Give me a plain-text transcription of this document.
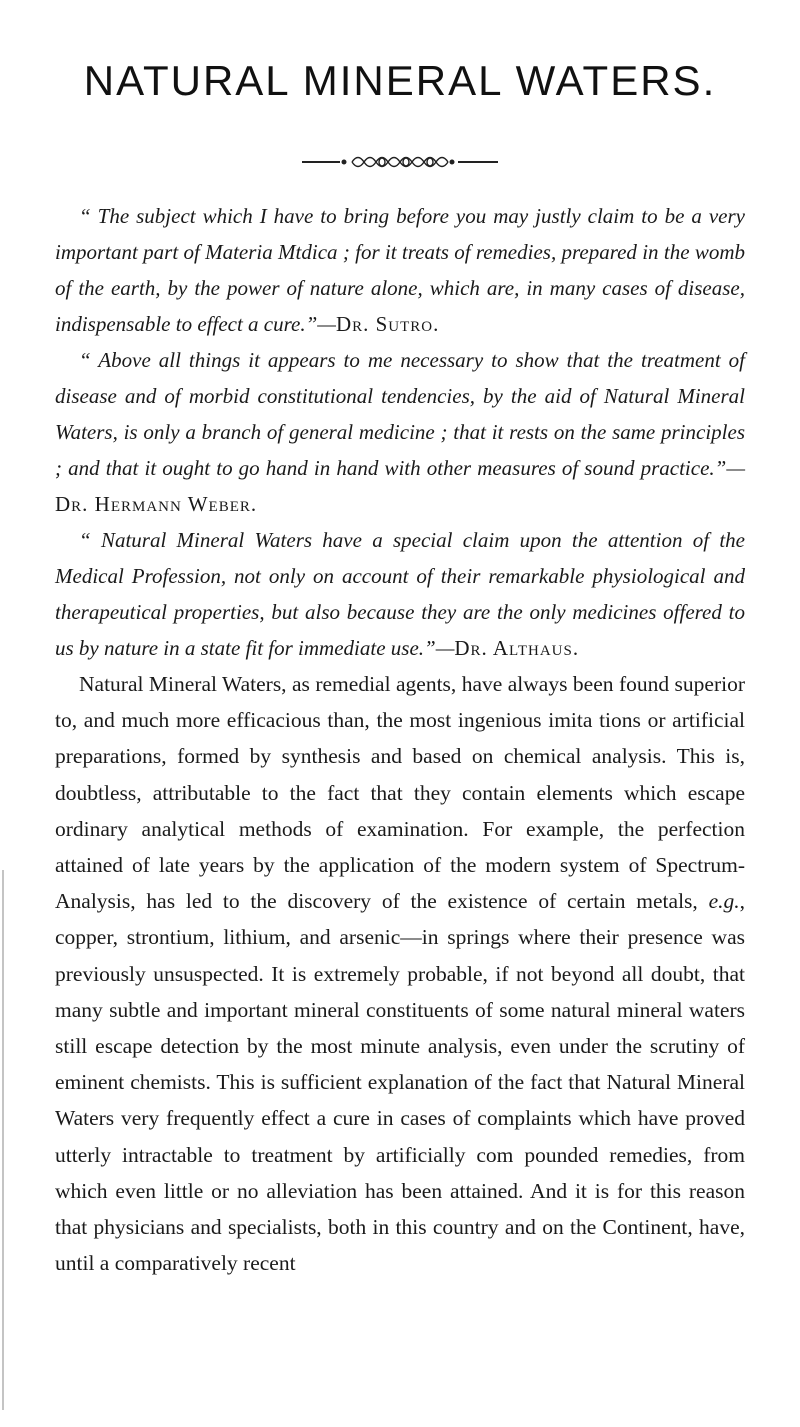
NATURAL MINERAL WATERS.

“ The subject which I have to bring before you may justly claim to be a very important part of Materia Mtdica ; for it treats of remedies, prepared in the womb of the earth, by the power of nature alone, which are, in many cases of disease, indispensable to effect a cure.”—Dr. Sutro.

“ Above all things it appears to me necessary to show that the treatment of disease and of morbid constitutional tendencies, by the aid of Natural Mineral Waters, is only a branch of general medicine ; that it rests on the same principles ; and that it ought to go hand in hand with other measures of sound practice.”—Dr. Hermann Weber.

“ Natural Mineral Waters have a special claim upon the attention of the Medical Profession, not only on account of their remarkable physiological and therapeutical properties, but also because they are the only medicines offered to us by nature in a state fit for immediate use.”—Dr. Althaus.

Natural Mineral Waters, as remedial agents, have always been found superior to, and much more efficacious than, the most ingenious imita tions or artificial preparations, formed by synthesis and based on chemical analysis. This is, doubtless, attributable to the fact that they contain elements which escape ordinary analytical methods of examination. For example, the perfection attained of late years by the application of the modern system of Spectrum-Analysis, has led to the discovery of the existence of certain metals, e.g., copper, strontium, lithium, and arsenic—in springs where their presence was previously unsuspected. It is extremely probable, if not beyond all doubt, that many subtle and important mineral constituents of some natural mineral waters still escape detection by the most minute analysis, even under the scrutiny of eminent chemists. This is sufficient explanation of the fact that Natural Mineral Waters very frequently effect a cure in cases of complaints which have proved utterly intractable to treatment by artificially com pounded remedies, from which even little or no alleviation has been attained. And it is for this reason that physicians and specialists, both in this country and on the Continent, have, until a comparatively recent
